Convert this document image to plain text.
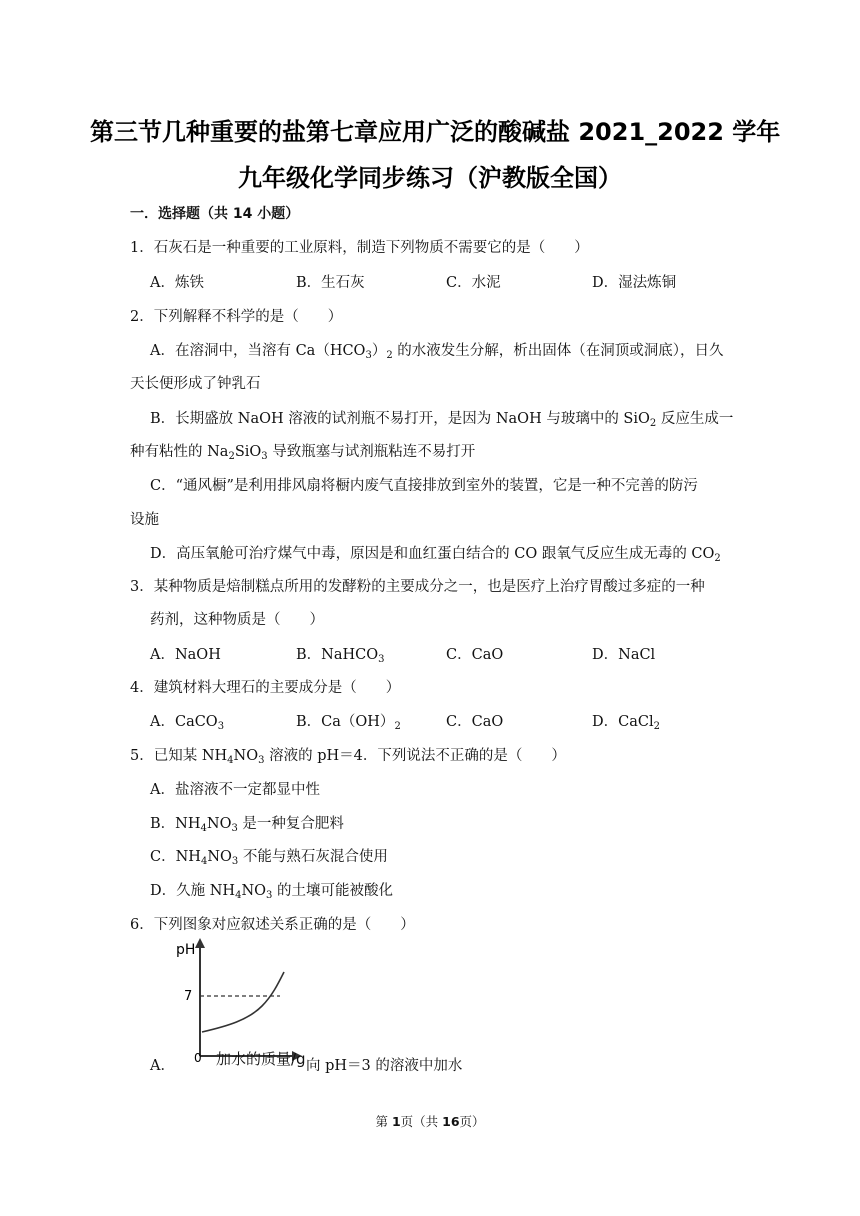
第三节几种重要的盐第七章应用广泛的酸碱盐 2021_2022 学年
九年级化学同步练习（沪教版全国）
一．选择题（共 14 小题）
1．石灰石是一种重要的工业原料，制造下列物质不需要它的是（　　）
A．炼铁	B．生石灰	C．水泥	D．湿法炼铜
2．下列解释不科学的是（　　）
A．在溶洞中，当溶有 $Ca(HCO_3)_2$ 的水液发生分解，析出固体（在洞顶或洞底），日久
天长便形成了钟乳石
B．长期盛放 NaOH 溶液的试剂瓶不易打开，是因为 NaOH 与玻璃中的 SiO$_2$ 反应生成一
种有粘性的 $Na_2SiO_3$ 导致瓶塞与试剂瓶粘连不易打开
C．“通风橱”是利用排风扇将橱内废气直接排放到室外的装置，它是一种不完善的防污
设施
D．高压氧舱可治疗煤气中毒，原因是和血红蛋白结合的 CO 跟氧气反应生成无毒的 $CO_2$
3．某种物质是焙制糕点所用的发酵粉的主要成分之一，也是医疗上治疗胃酸过多症的一种
药剂，这种物质是（　　）
A．NaOH	B．NaHCO$_3$	C．CaO	D．NaCl
4．建筑材料大理石的主要成分是（　　）
A．CaCO$_3$	B．$Ca(OH)_2$	C．CaO	D．CaCl$_2$
5．已知某 $NH_4NO_3$ 溶液的 pH＝4．下列说法不正确的是（　　）
A．盐溶液不一定都显中性
B．$NH_4NO_3$ 是一种复合肥料
C．$NH_4NO_3$ 不能与熟石灰混合使用
D．久施 $NH_4NO_3$ 的土壤可能被酸化
6．下列图象对应叙述关系正确的是（　　）
pH
7
0
A．	加水的质量/g 向 pH＝3 的溶液中加水
第 1页（共 16页）
